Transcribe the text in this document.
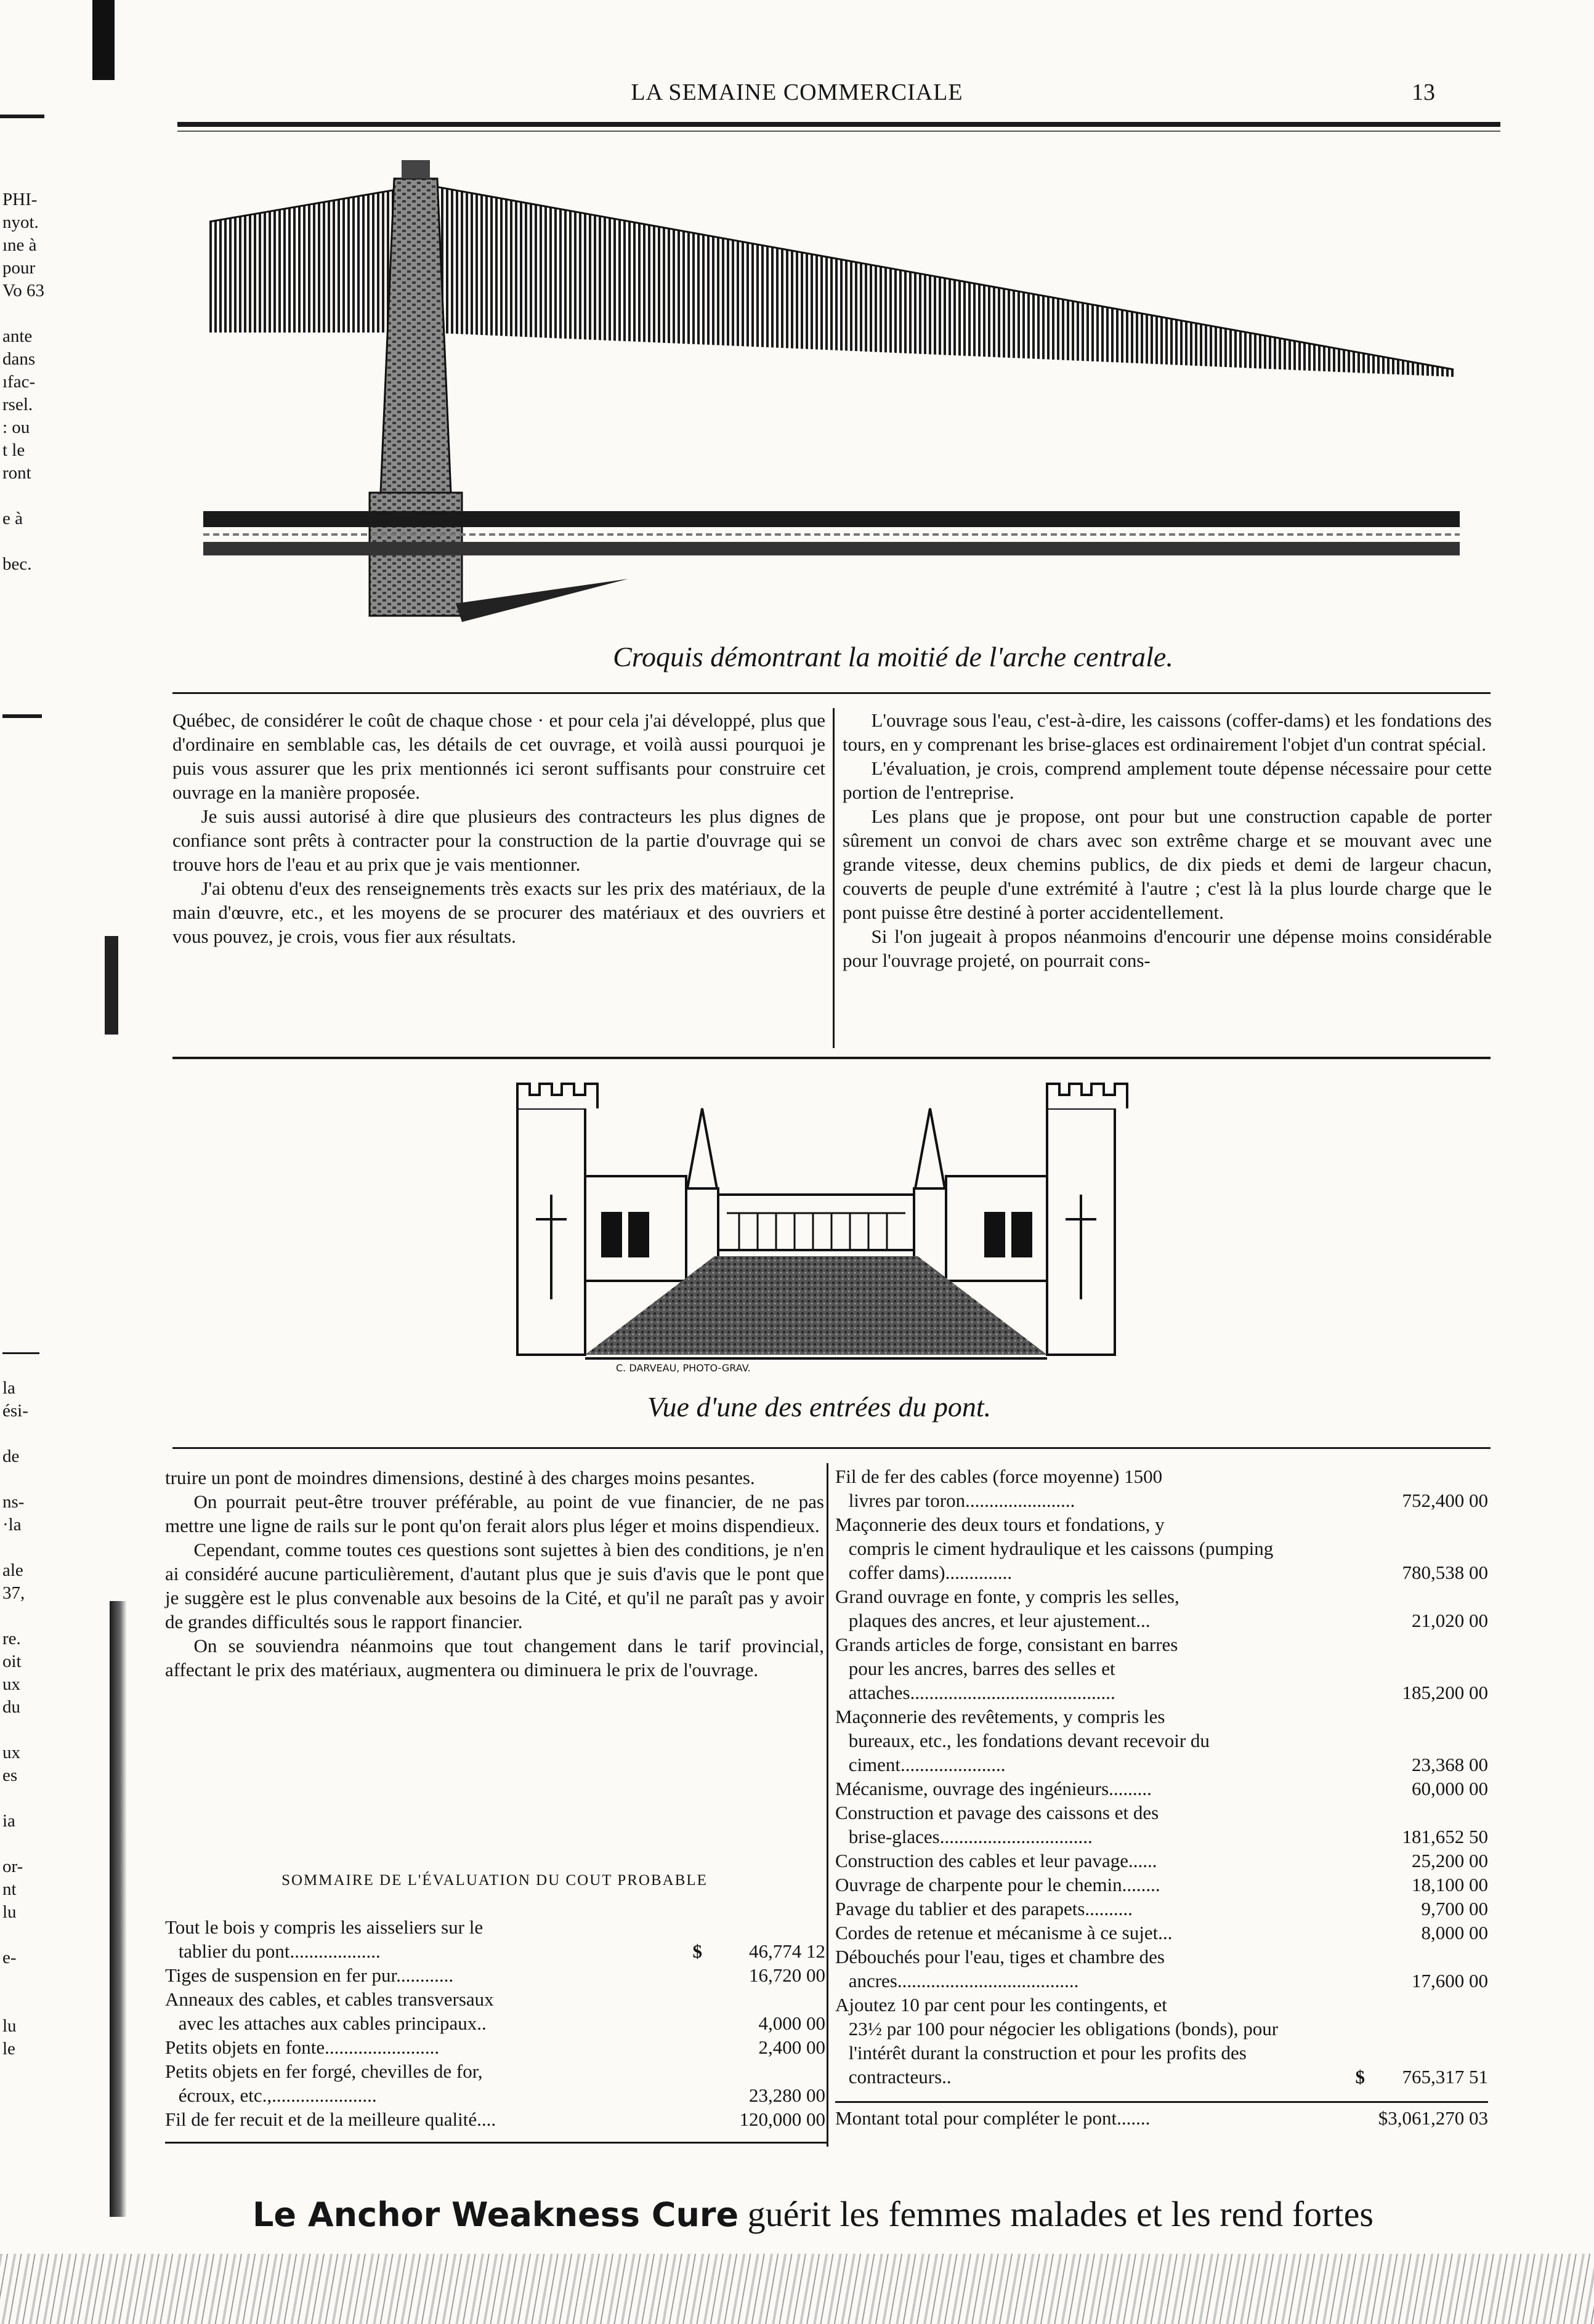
PHI-
nyot.
ıne à
pour
Vo 63
ante
dans
ıfac-
rsel.
: ou
t le
ront
e à
bec.
la
ési-
de
ns-
·la
ale
37,
re.
oit
ux
du
ux
es
ia
or-
nt
lu
e-
lu
le
LA SEMAINE COMMERCIALE	13
Croquis démontrant la moitié de l'arche centrale.

Québec, de considérer le coût de chaque chose · et pour cela j'ai développé, plus que d'ordinaire en semblable cas, les détails de cet ouvrage, et voilà aussi pourquoi je puis vous assurer que les prix mentionnés ici seront suffisants pour construire cet ouvrage en la manière proposée.

Je suis aussi autorisé à dire que plusieurs des contracteurs les plus dignes de confiance sont prêts à contracter pour la construction de la partie d'ouvrage qui se trouve hors de l'eau et au prix que je vais mentionner.

J'ai obtenu d'eux des renseignements très exacts sur les prix des matériaux, de la main d'œuvre, etc., et les moyens de se procurer des matériaux et des ouvriers et vous pouvez, je crois, vous fier aux résultats.

L'ouvrage sous l'eau, c'est-à-dire, les caissons (coffer-dams) et les fondations des tours, en y comprenant les brise-glaces est ordinairement l'objet d'un contrat spécial.

L'évaluation, je crois, comprend amplement toute dépense nécessaire pour cette portion de l'entreprise.

Les plans que je propose, ont pour but une construction capable de porter sûrement un convoi de chars avec son extrême charge et se mouvant avec une grande vitesse, deux chemins publics, de dix pieds et demi de largeur chacun, couverts de peuple d'une extrémité à l'autre ; c'est là la plus lourde charge que le pont puisse être destiné à porter accidentellement.

Si l'on jugeait à propos néanmoins d'encourir une dépense moins considérable pour l'ouvrage projeté, on pourrait cons-

C. DARVEAU, PHOTO-GRAV.
Vue d'une des entrées du pont.

truire un pont de moindres dimensions, destiné à des charges moins pesantes.

On pourrait peut-être trouver préférable, au point de vue financier, de ne pas mettre une ligne de rails sur le pont qu'on ferait alors plus léger et moins dispendieux.

Cependant, comme toutes ces questions sont sujettes à bien des conditions, je n'en ai considéré aucune particulièrement, d'autant plus que je suis d'avis que le pont que je suggère est le plus convenable aux besoins de la Cité, et qu'il ne paraît pas y avoir de grandes difficultés sous le rapport financier.

On se souviendra néanmoins que tout changement dans le tarif provincial, affectant le prix des matériaux, augmentera ou diminuera le prix de l'ouvrage.

SOMMAIRE DE L'ÉVALUATION DU COUT PROBABLE
Tout le bois y compris les aisseliers sur le
tablier du pont...................	$	46,774 12
Tiges de suspension en fer pur............	16,720 00
Anneaux des cables, et cables transversaux
avec les attaches aux cables principaux..	4,000 00
Petits objets en fonte........................	2,400 00
Petits objets en fer forgé, chevilles de for,
écroux, etc.,......................	23,280 00
Fil de fer recuit et de la meilleure qualité....	120,000 00
Fil de fer des cables (force moyenne) 1500
livres par toron.......................	752,400 00
Maçonnerie des deux tours et fondations, y
compris le ciment hydraulique et les caissons (pumping coffer dams)..............	780,538 00
Grand ouvrage en fonte, y compris les selles,
plaques des ancres, et leur ajustement...	21,020 00
Grands articles de forge, consistant en barres
pour les ancres, barres des selles et attaches...........................................	185,200 00
Maçonnerie des revêtements, y compris les
bureaux, etc., les fondations devant recevoir du ciment......................	23,368 00
Mécanisme, ouvrage des ingénieurs.........	60,000 00
Construction et pavage des caissons et des
brise-glaces................................	181,652 50
Construction des cables et leur pavage......	25,200 00
Ouvrage de charpente pour le chemin........	18,100 00
Pavage du tablier et des parapets..........	9,700 00
Cordes de retenue et mécanisme à ce sujet...	8,000 00
Débouchés pour l'eau, tiges et chambre des
ancres......................................	17,600 00
Ajoutez 10 par cent pour les contingents, et
23½ par 100 pour négocier les obligations (bonds), pour l'intérêt durant la construction et pour les profits des contracteurs..	$	765,317 51
Montant total pour compléter le pont.......	$3,061,270 03
Le Anchor Weakness Cure guérit les femmes malades et les rend fortes
